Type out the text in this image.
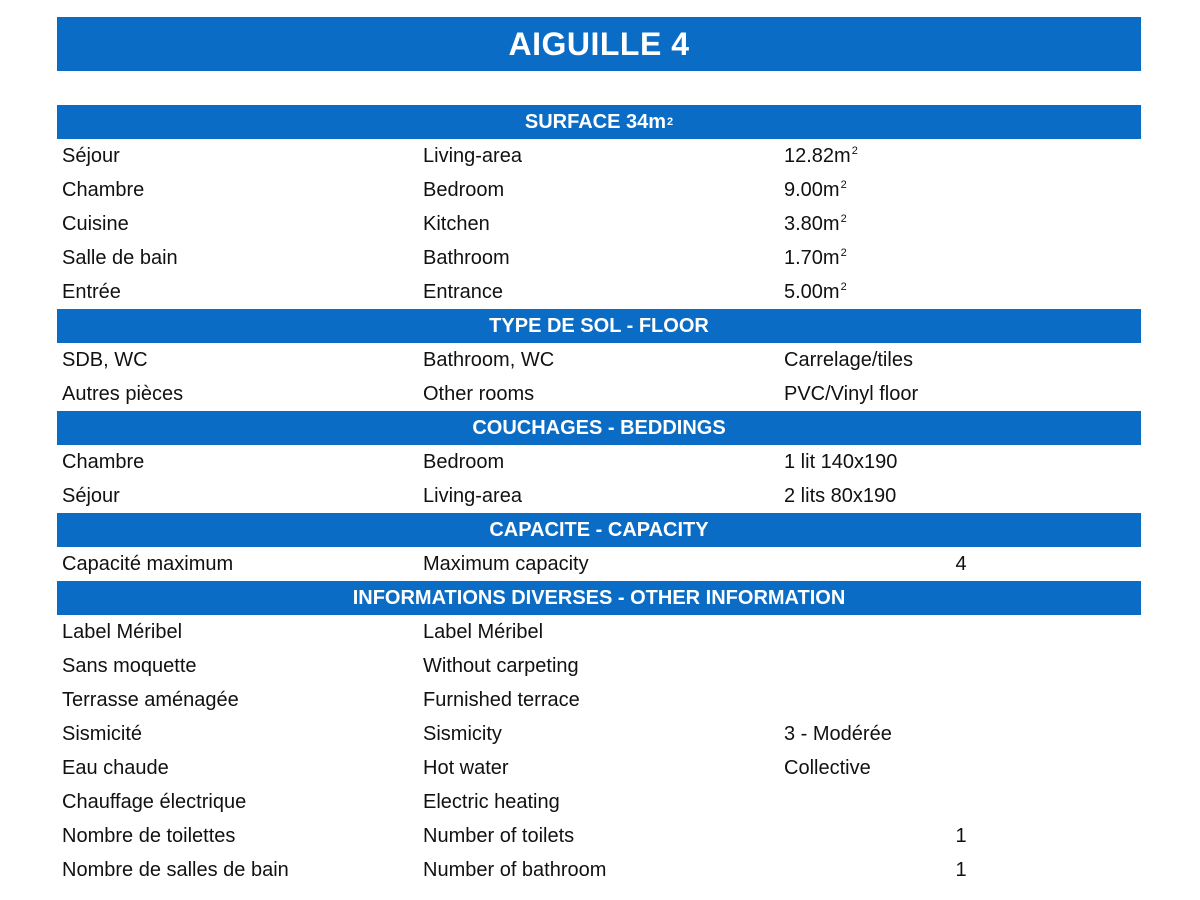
AIGUILLE 4
SURFACE 34m 2
Séjour	Living-area	$12.82m^2$
Chambre	Bedroom	$9.00m^2$
Cuisine	Kitchen	$3.80m^2$
Salle de bain	Bathroom	$1.70m^2$
Entrée	Entrance	$5.00m^2$
TYPE DE SOL - FLOOR
SDB, WC	Bathroom, WC	Carrelage/tiles
Autres pièces	Other rooms	PVC/Vinyl floor
COUCHAGES - BEDDINGS
Chambre	Bedroom	1 lit 140x190
Séjour	Living-area	2 lits 80x190
CAPACITE - CAPACITY
Capacité maximum	Maximum capacity	4
INFORMATIONS DIVERSES - OTHER INFORMATION
Label Méribel	Label Méribel
Sans moquette	Without carpeting
Terrasse aménagée	Furnished terrace
Sismicité	Sismicity	3 - Modérée
Eau chaude	Hot water	Collective
Chauffage électrique	Electric heating
Nombre de toilettes	Number of toilets	1
Nombre de salles de bain	Number of bathroom	1
